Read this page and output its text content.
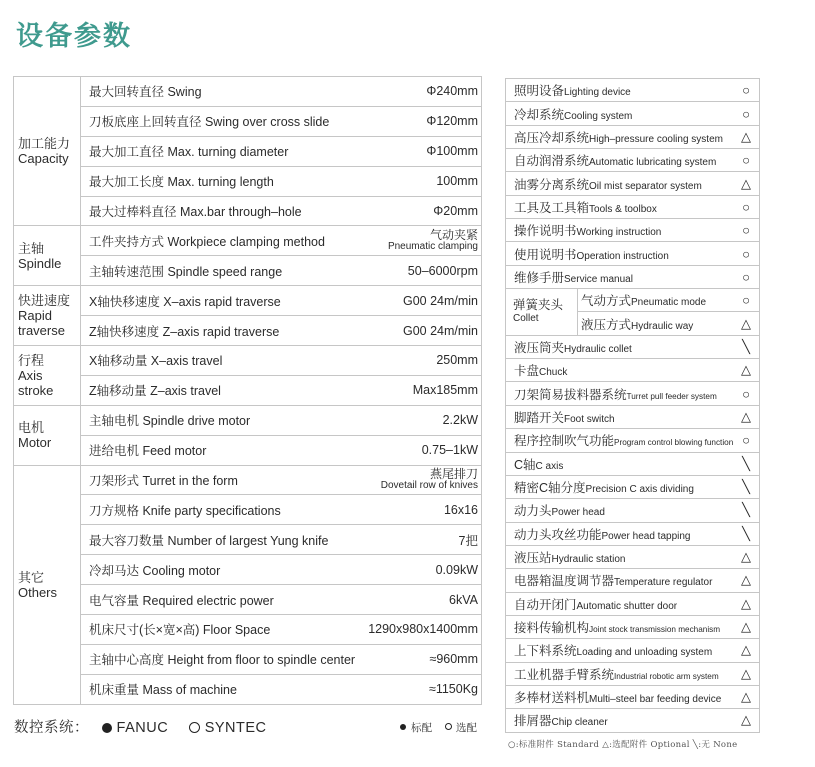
设备参数
加工能力
Capacity	最大回转直径 Swing Φ240mm

	刀板底座上回转直径 Swing over cross slide Φ120mm

	最大加工直径 Max. turning diameter Φ100mm

	最大加工长度 Max. turning length 100mm

	最大过棒料直径 Max.bar through–hole Φ20mm

主轴
Spindle	工件夹持方式 Workpiece clamping method 气动夹紧
Pneumatic clamping

	主轴转速范围 Spindle speed range 50–6000rpm

快进速度
Rapid
traverse	X轴快移速度 X–axis rapid traverse G00 24m/min

	Z轴快移速度 Z–axis rapid traverse G00 24m/min

行程
Axis
stroke	X轴移动量 X–axis travel 250mm

	Z轴移动量 Z–axis travel Max185mm

电机
Motor	主轴电机 Spindle drive motor 2.2kW

	进给电机 Feed motor 0.75–1kW

其它
Others	刀架形式 Turret in the form 燕尾排刀
Dovetail row of knives

	刀方规格 Knife party specifications 16x16

	最大容刀数量 Number of largest Yung knife 7把

	冷却马达 Cooling motor 0.09kW

	电气容量 Required electric power 6kVA

	机床尺寸(长×宽×高) Floor Space 1290x980x1400mm

	主轴中心高度 Height from floor to spindle center ≈960mm

	机床重量 Mass of machine ≈1150Kg
照明设备Lighting device	○

冷却系统Cooling system	○

高压冷却系统High–pressure cooling system △

自动润滑系统Automatic lubricating system ○

油雾分离系统Oil mist separator system	△

工具及工具箱Tools & toolbox	○

操作说明书Working instruction	○

使用说明书Operation instruction	○

维修手册Service manual	○

弹簧夹头
Collet
	气动方式Pneumatic mode	○

液压方式Hydraulic way	△

液压筒夹Hydraulic collet	╲

卡盘Chuck	△

刀架简易拔料器系统Turret pull feeder system ○

脚踏开关Foot switch	△

程序控制吹气功能Program control blowing function ○

C轴C axis	╲

精密C轴分度Precision C axis dividing	╲

动力头Power head	╲

动力头攻丝功能Power head tapping	╲

液压站Hydraulic station	△

电器箱温度调节器Temperature regulator △

自动开闭门Automatic shutter door	△

接料传输机构Joint stock transmission mechanism △

上下料系统Loading and unloading system △

工业机器手臂系统Industrial robotic arm system △

多棒材送料机Multi–steel bar feeding device △

排屑器Chip cleaner	△
数控系统： FANUC	SYNTEC	标配 选配
○:标准附件 Standard △:选配附件 Optional ╲:无 None
